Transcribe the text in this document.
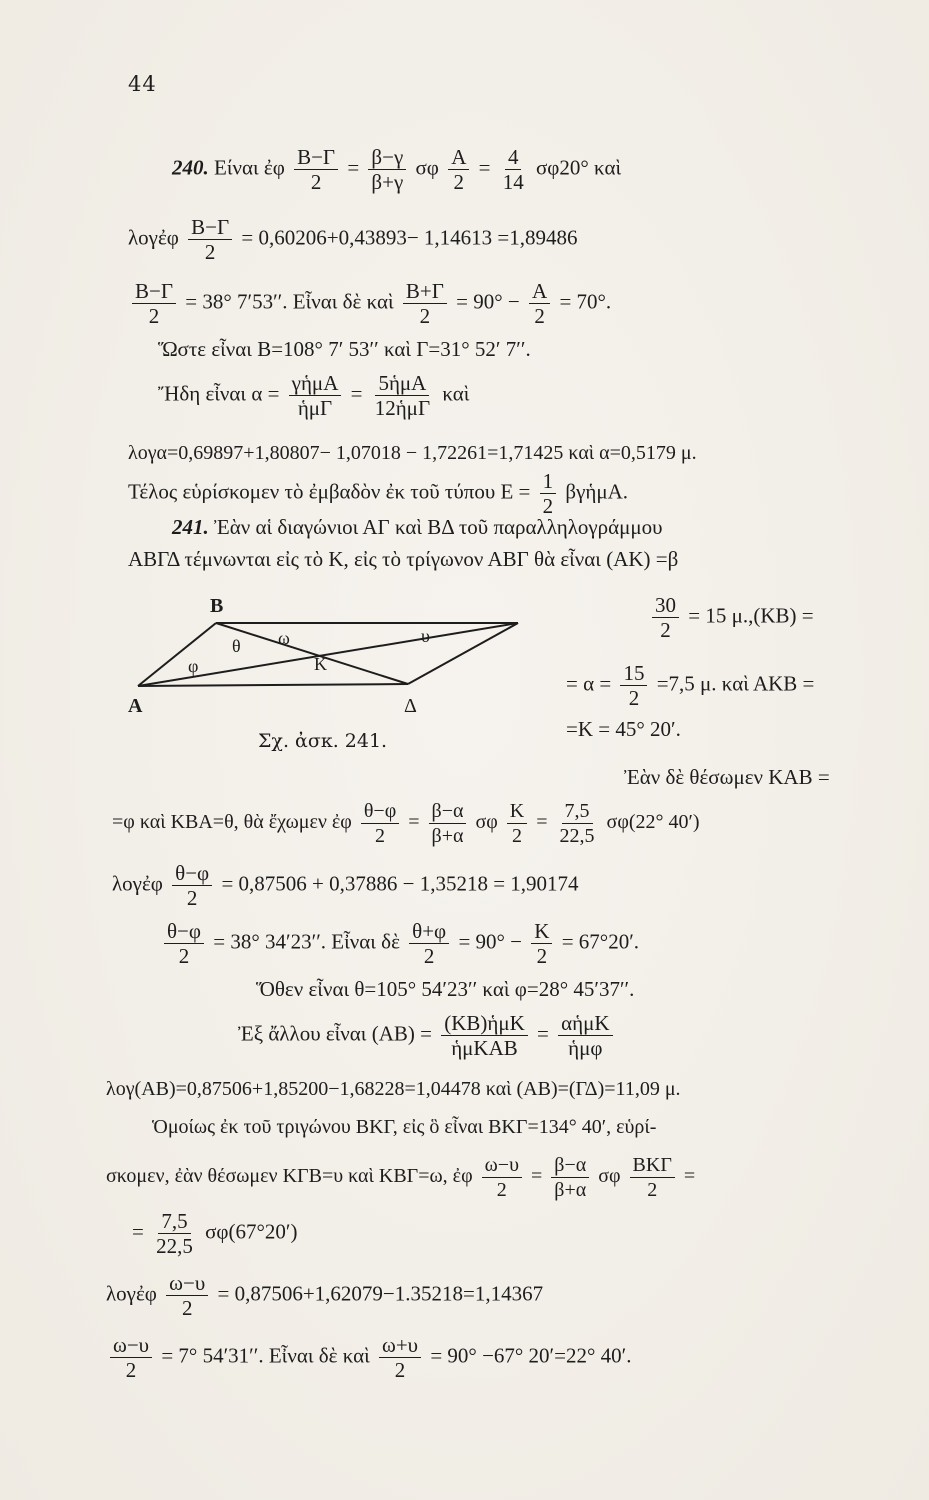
44
240. Είναι ἐφ $\frac{B-\Gamma}{2} = \frac{\beta-\gamma}{\beta+\gamma}$ σφ $\frac{A}{2} = \frac{4}{14} \sigma\varphi 20^\circ$ καὶ
λογἐφ $\frac{B-\Gamma}{2} = 0,60206+0,43893- 1,14613 =1,89486$
$\frac{B-\Gamma}{2} = 38^\circ$ 7′53′′. Εἶναι δὲ καὶ $\frac{B+\Gamma}{2} = 90^\circ - \frac{A}{2} = 70^\circ$.
Ὥστε εἶναι Β=108° 7′ 53′′ καὶ Γ=31° 52′ 7′′.
Ἤδη εἶναι α = γἡμΑ
ἡμΓ
= 5ἡμΑ
12ἡμΓ
καὶ
λογα=0,69897+1,80807− 1,07018 − 1,72261=1,71425 καὶ α=0,5179 μ.
Τέλος εὑρίσκομεν τὸ ἐμβαδὸν ἐκ τοῦ τύπου $E = \frac{1}{2}$ βγἡμΑ.
241. Ἐὰν αἱ διαγώνιοι ΑΓ καὶ ΒΔ τοῦ παραλληλογράμμου
ΑΒΓΔ τέμνωνται εἰς τὸ Κ, εἰς τὸ τρίγωνον ΑΒΓ θὰ εἶναι (ΑΚ) =β
Β
θ ω	υ
φ	Κ
Α	Δ
Σχ. ἀσκ. 241.
$\frac{30}{2} = 15$ μ.,(ΚΒ) =
= $\alpha = \frac{15}{2} =7,5$ μ. καὶ ΑΚΒ =
=K = 45° 20′.
Ἐὰν δὲ θέσωμεν ΚΑΒ =
=φ καὶ ΚΒΑ=θ, θὰ ἔχωμεν ἐφ $\frac{\theta-\varphi}{2} = \frac{\beta-\alpha}{\beta+\alpha}$ σφ $\frac{K}{2} = \frac{7,5}{22,5} \sigma\varphi(22^\circ$ 40′)
λογἐφ $\frac{\theta-\varphi}{2} = 0,87506 + 0,37886 - 1,35218 = 1,90174$
$\frac{\theta-\varphi}{2} = 38^\circ$ 34′23′′. Εἶναι δὲ $\frac{\theta+\varphi}{2} = 90^\circ - \frac{K}{2} = 67^\circ 20'$.
Ὅθεν εἶναι θ=105° 54′23′′ καὶ φ=28° 45′37′′.
Ἐξ ἄλλου εἶναι (ΑΒ) = (ΚΒ)ἡμΚ
ἡμΚΑΒ
= αἡμΚ
ἡμφ
λογ(ΑΒ)=0,87506+1,85200−1,68228=1,04478 καὶ (ΑΒ)=(ΓΔ)=11,09 μ.
Ὁμοίως ἐκ τοῦ τριγώνου ΒΚΓ, εἰς ὃ εἶναι ΒΚΓ=134° 40′, εὑρί-
σκομεν, ἐὰν θέσωμεν ΚΓΒ=υ καὶ ΚΒΓ=ω, ἐφ $\frac{\omega-\upsilon}{2} = \frac{\beta-\alpha}{\beta+\alpha}$ σφ
ΒΚΓ
2
=
= $\frac{7,5}{22,5} \sigma\varphi(67^\circ 20')$
λογἐφ $\frac{\omega-\upsilon}{2} = 0,87506+1,62079-1.35218=1,14367$
$\frac{\omega-\upsilon}{2} = 7^\circ$ 54′31′′. Εἶναι δὲ καὶ $\frac{\omega+\upsilon}{2} = 90^\circ -67^\circ$ 20′=22° 40′.
